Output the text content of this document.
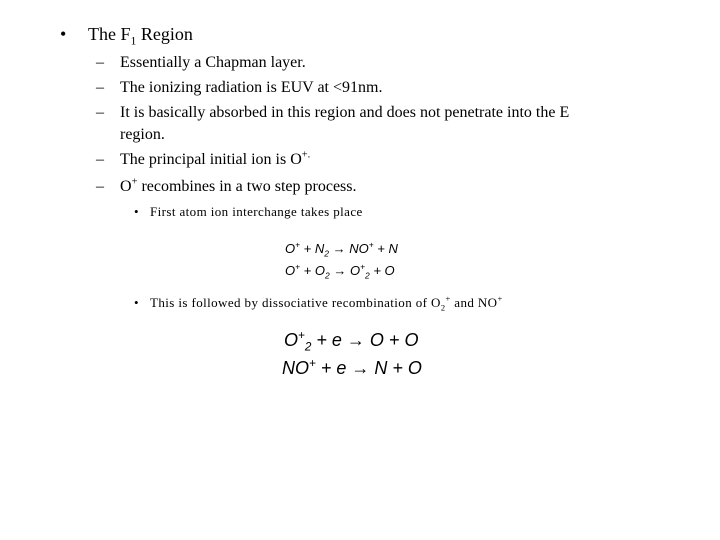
• The $F_1$ Region
– Essentially a Chapman layer.
– The ionizing radiation is EUV at <91nm.
– It is basically absorbed in this region and does not penetrate into the E
region.
– The principal initial ion is O+.
– O+ recombines in a two step process.
• First atom ion interchange takes place
$O^+ + N_2 \to NO^+ + N$
$O^+ + O_2 \to O^+_2 + O$
• This is followed by dissociative recombination of $O_2^+$ and NO+
$O^+_2 + e \to O + O$
NO+ + e → N + O
